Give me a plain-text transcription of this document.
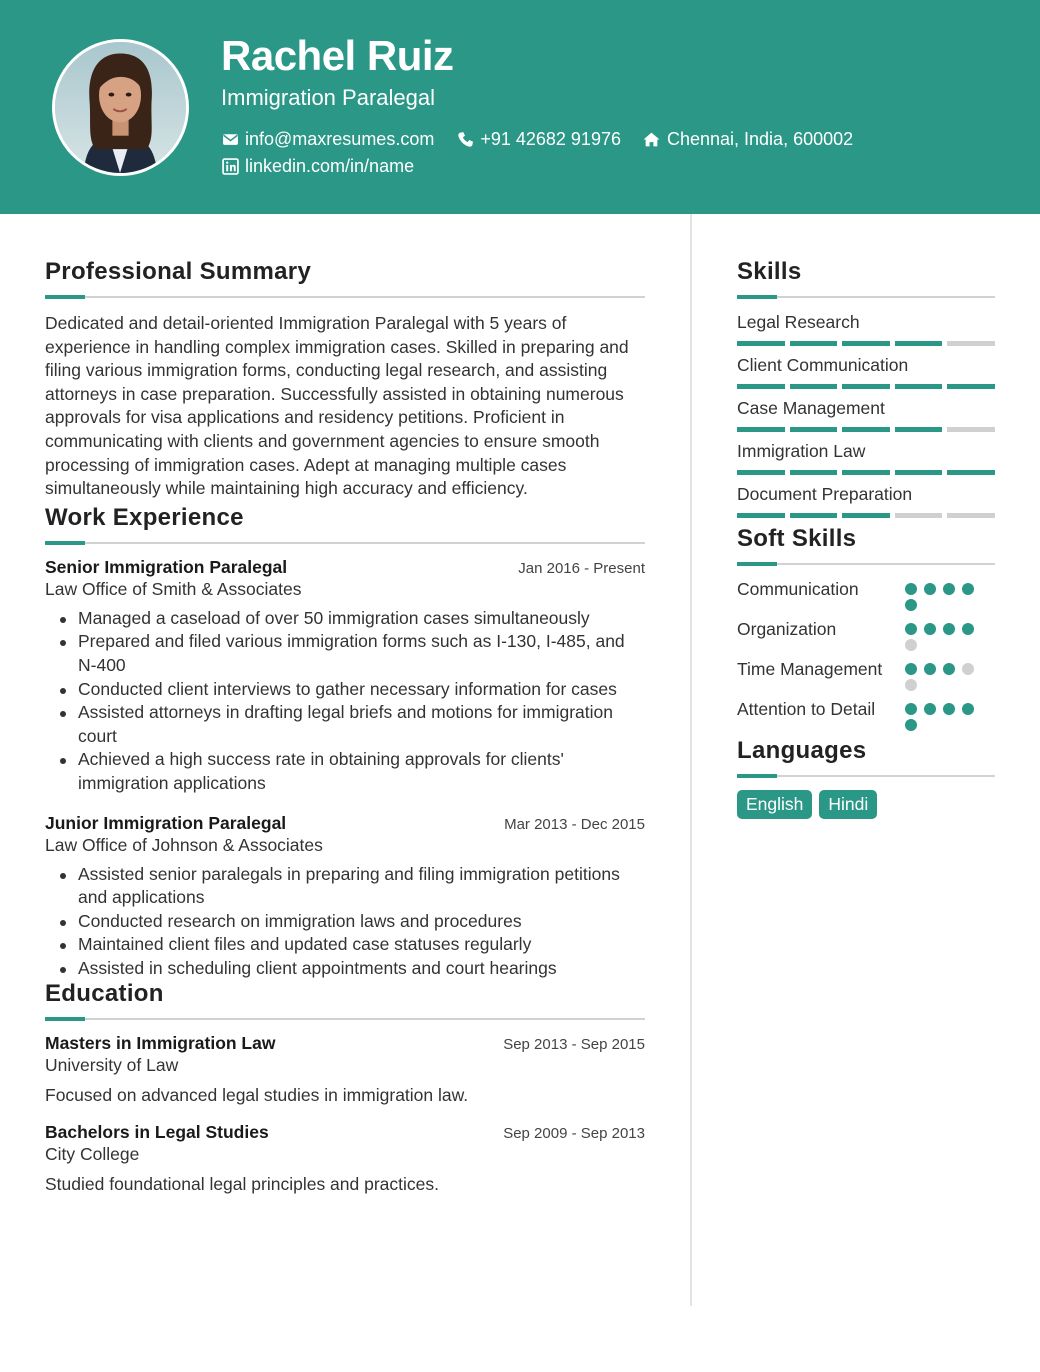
Rachel Ruiz
Immigration Paralegal
info@maxresumes.com	+91 42682 91976	Chennai, India, 600002
linkedin.com/in/name
Professional Summary
Dedicated and detail-oriented Immigration Paralegal with 5 years of experience in handling complex immigration cases. Skilled in preparing and filing various immigration forms, conducting legal research, and assisting attorneys in case preparation. Successfully assisted in obtaining numerous approvals for visa applications and residency petitions. Proficient in communicating with clients and government agencies to ensure smooth processing of immigration cases. Adept at managing multiple cases simultaneously while maintaining high accuracy and efficiency.
Work Experience
Senior Immigration Paralegal	Jan 2016 - Present
Law Office of Smith & Associates
Managed a caseload of over 50 immigration cases simultaneously
Prepared and filed various immigration forms such as I-130, I-485, and N-400
Conducted client interviews to gather necessary information for cases
Assisted attorneys in drafting legal briefs and motions for immigration court
Achieved a high success rate in obtaining approvals for clients' immigration applications
Junior Immigration Paralegal	Mar 2013 - Dec 2015
Law Office of Johnson & Associates
Assisted senior paralegals in preparing and filing immigration petitions and applications
Conducted research on immigration laws and procedures
Maintained client files and updated case statuses regularly
Assisted in scheduling client appointments and court hearings
Education
Masters in Immigration Law	Sep 2013 - Sep 2015
University of Law
Focused on advanced legal studies in immigration law.
Bachelors in Legal Studies	Sep 2009 - Sep 2013
City College
Studied foundational legal principles and practices.
Skills
Legal Research
Client Communication
Case Management
Immigration Law
Document Preparation
Soft Skills
Communication
Organization
Time Management
Attention to Detail
Languages
English	Hindi
